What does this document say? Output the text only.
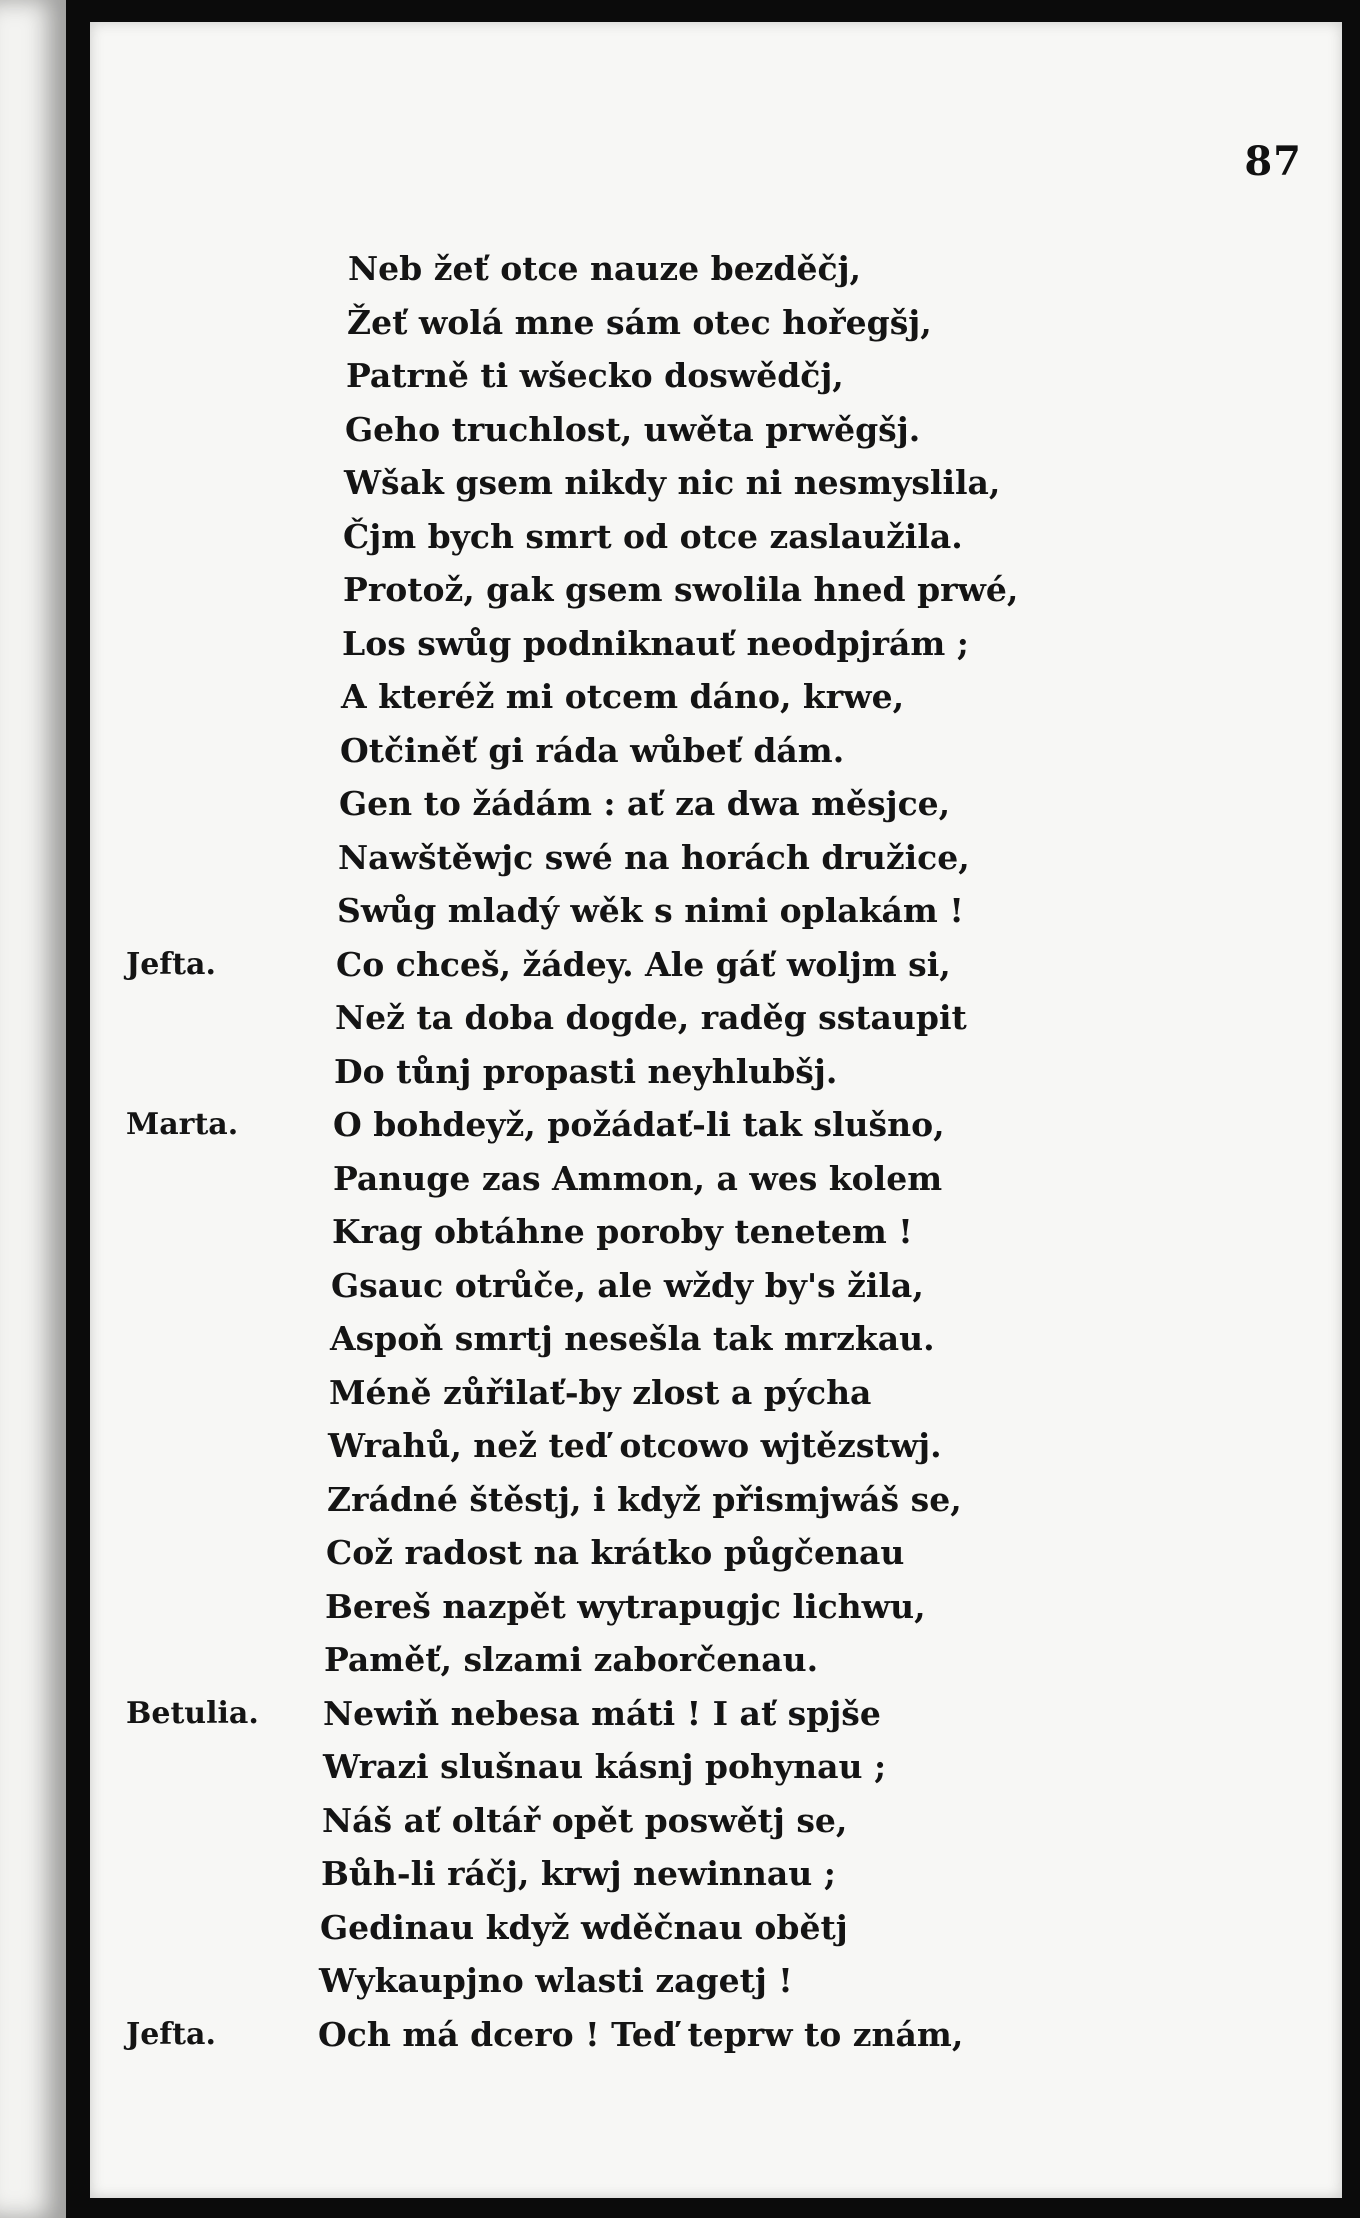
87
Neb žeť otce nauze bezděčj,
Žeť wolá mne sám otec hořegšj,
Patrně ti wšecko doswědčj,
Geho truchlost, uwěta prwěgšj.
Wšak gsem nikdy nic ni nesmyslila,
Čjm bych smrt od otce zaslaužila.
Protož, gak gsem swolila hned prwé,
Los swůg podniknauť neodpjrám ;
A kteréž mi otcem dáno, krwe,
Otčiněť gi ráda wůbeť dám.
Gen to žádám : ať za dwa měsjce,
Nawštěwjc swé na horách družice,
Swůg mladý wěk s nimi oplakám !
Jefta.	Co chceš, žádey. Ale gáť woljm si,
Než ta doba dogde, raděg sstaupit
Do tůnj propasti neyhlubšj.
Marta.	O bohdeyž, požádať-li tak slušno,
Panuge zas Ammon, a wes kolem
Krag obtáhne poroby tenetem !
Gsauc otrůče, ale wždy by's žila,
Aspoň smrtj nesešla tak mrzkau.
Méně zůřilať-by zlost a pýcha
Wrahů, než teď otcowo wjtězstwj.
Zrádné štěstj, i když přismjwáš se,
Což radost na krátko půgčenau
Bereš nazpět wytrapugjc lichwu,
Paměť, slzami zaborčenau.
Betulia. Newiň nebesa máti ! I ať spjše
Wrazi slušnau kásnj pohynau ;
Náš ať oltář opět poswětj se,
Bůh-li ráčj, krwj newinnau ;
Gedinau když wděčnau obětj
Wykaupjno wlasti zagetj !
Jefta.	Och má dcero ! Teď teprw to znám,
